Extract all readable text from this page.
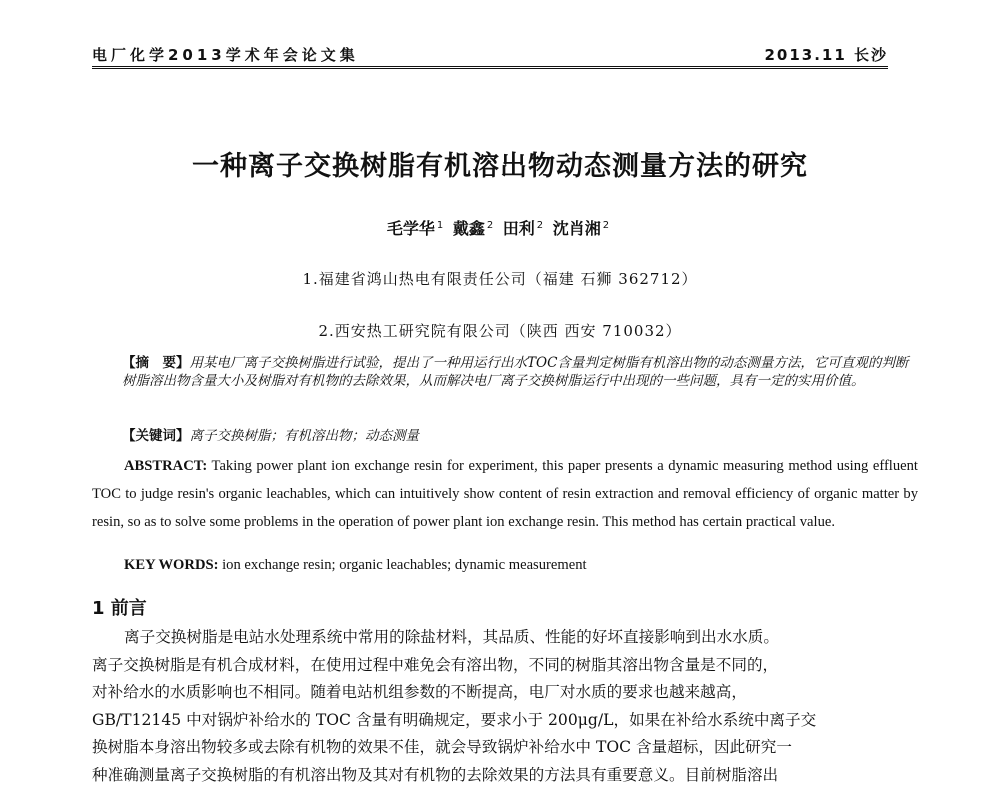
电厂化学2013学术年会论文集	2013.11 长沙
一种离子交换树脂有机溶出物动态测量方法的研究
毛学华 $^1$ 戴鑫 $^2$ 田利 $^2$ 沈肖湘 $^2$
1.福建省鸿山热电有限责任公司（福建 石狮 362712）
2.西安热工研究院有限公司（陕西 西安 710032）
【摘　要】用某电厂离子交换树脂进行试验，提出了一种用运行出水TOC含量判定树脂有机溶出物的动态测量方法，它可直观的判断树脂溶出物含量大小及树脂对有机物的去除效果，从而解决电厂离子交换树脂运行中出现的一些问题，具有一定的实用价值。
【关键词】离子交换树脂；有机溶出物；动态测量
ABSTRACT: Taking power plant ion exchange resin for experiment, this paper presents a dynamic measuring method using effluent TOC to judge resin's organic leachables, which can intuitively show content of resin extraction and removal efficiency of organic matter by resin, so as to solve some problems in the operation of power plant ion exchange resin. This method has certain practical value.
KEY WORDS: ion exchange resin; organic leachables; dynamic measurement
1 前言
离子交换树脂是电站水处理系统中常用的除盐材料，其品质、性能的好坏直接影响到出水水质。
离子交换树脂是有机合成材料，在使用过程中难免会有溶出物，不同的树脂其溶出物含量是不同的，
对补给水的水质影响也不相同。随着电站机组参数的不断提高，电厂对水质的要求也越来越高，
GB/T12145 中对锅炉补给水的 TOC 含量有明确规定，要求小于 200μg/L，如果在补给水系统中离子交
换树脂本身溶出物较多或去除有机物的效果不佳，就会导致锅炉补给水中 TOC 含量超标，因此研究一
种准确测量离子交换树脂的有机溶出物及其对有机物的去除效果的方法具有重要意义。目前树脂溶出
